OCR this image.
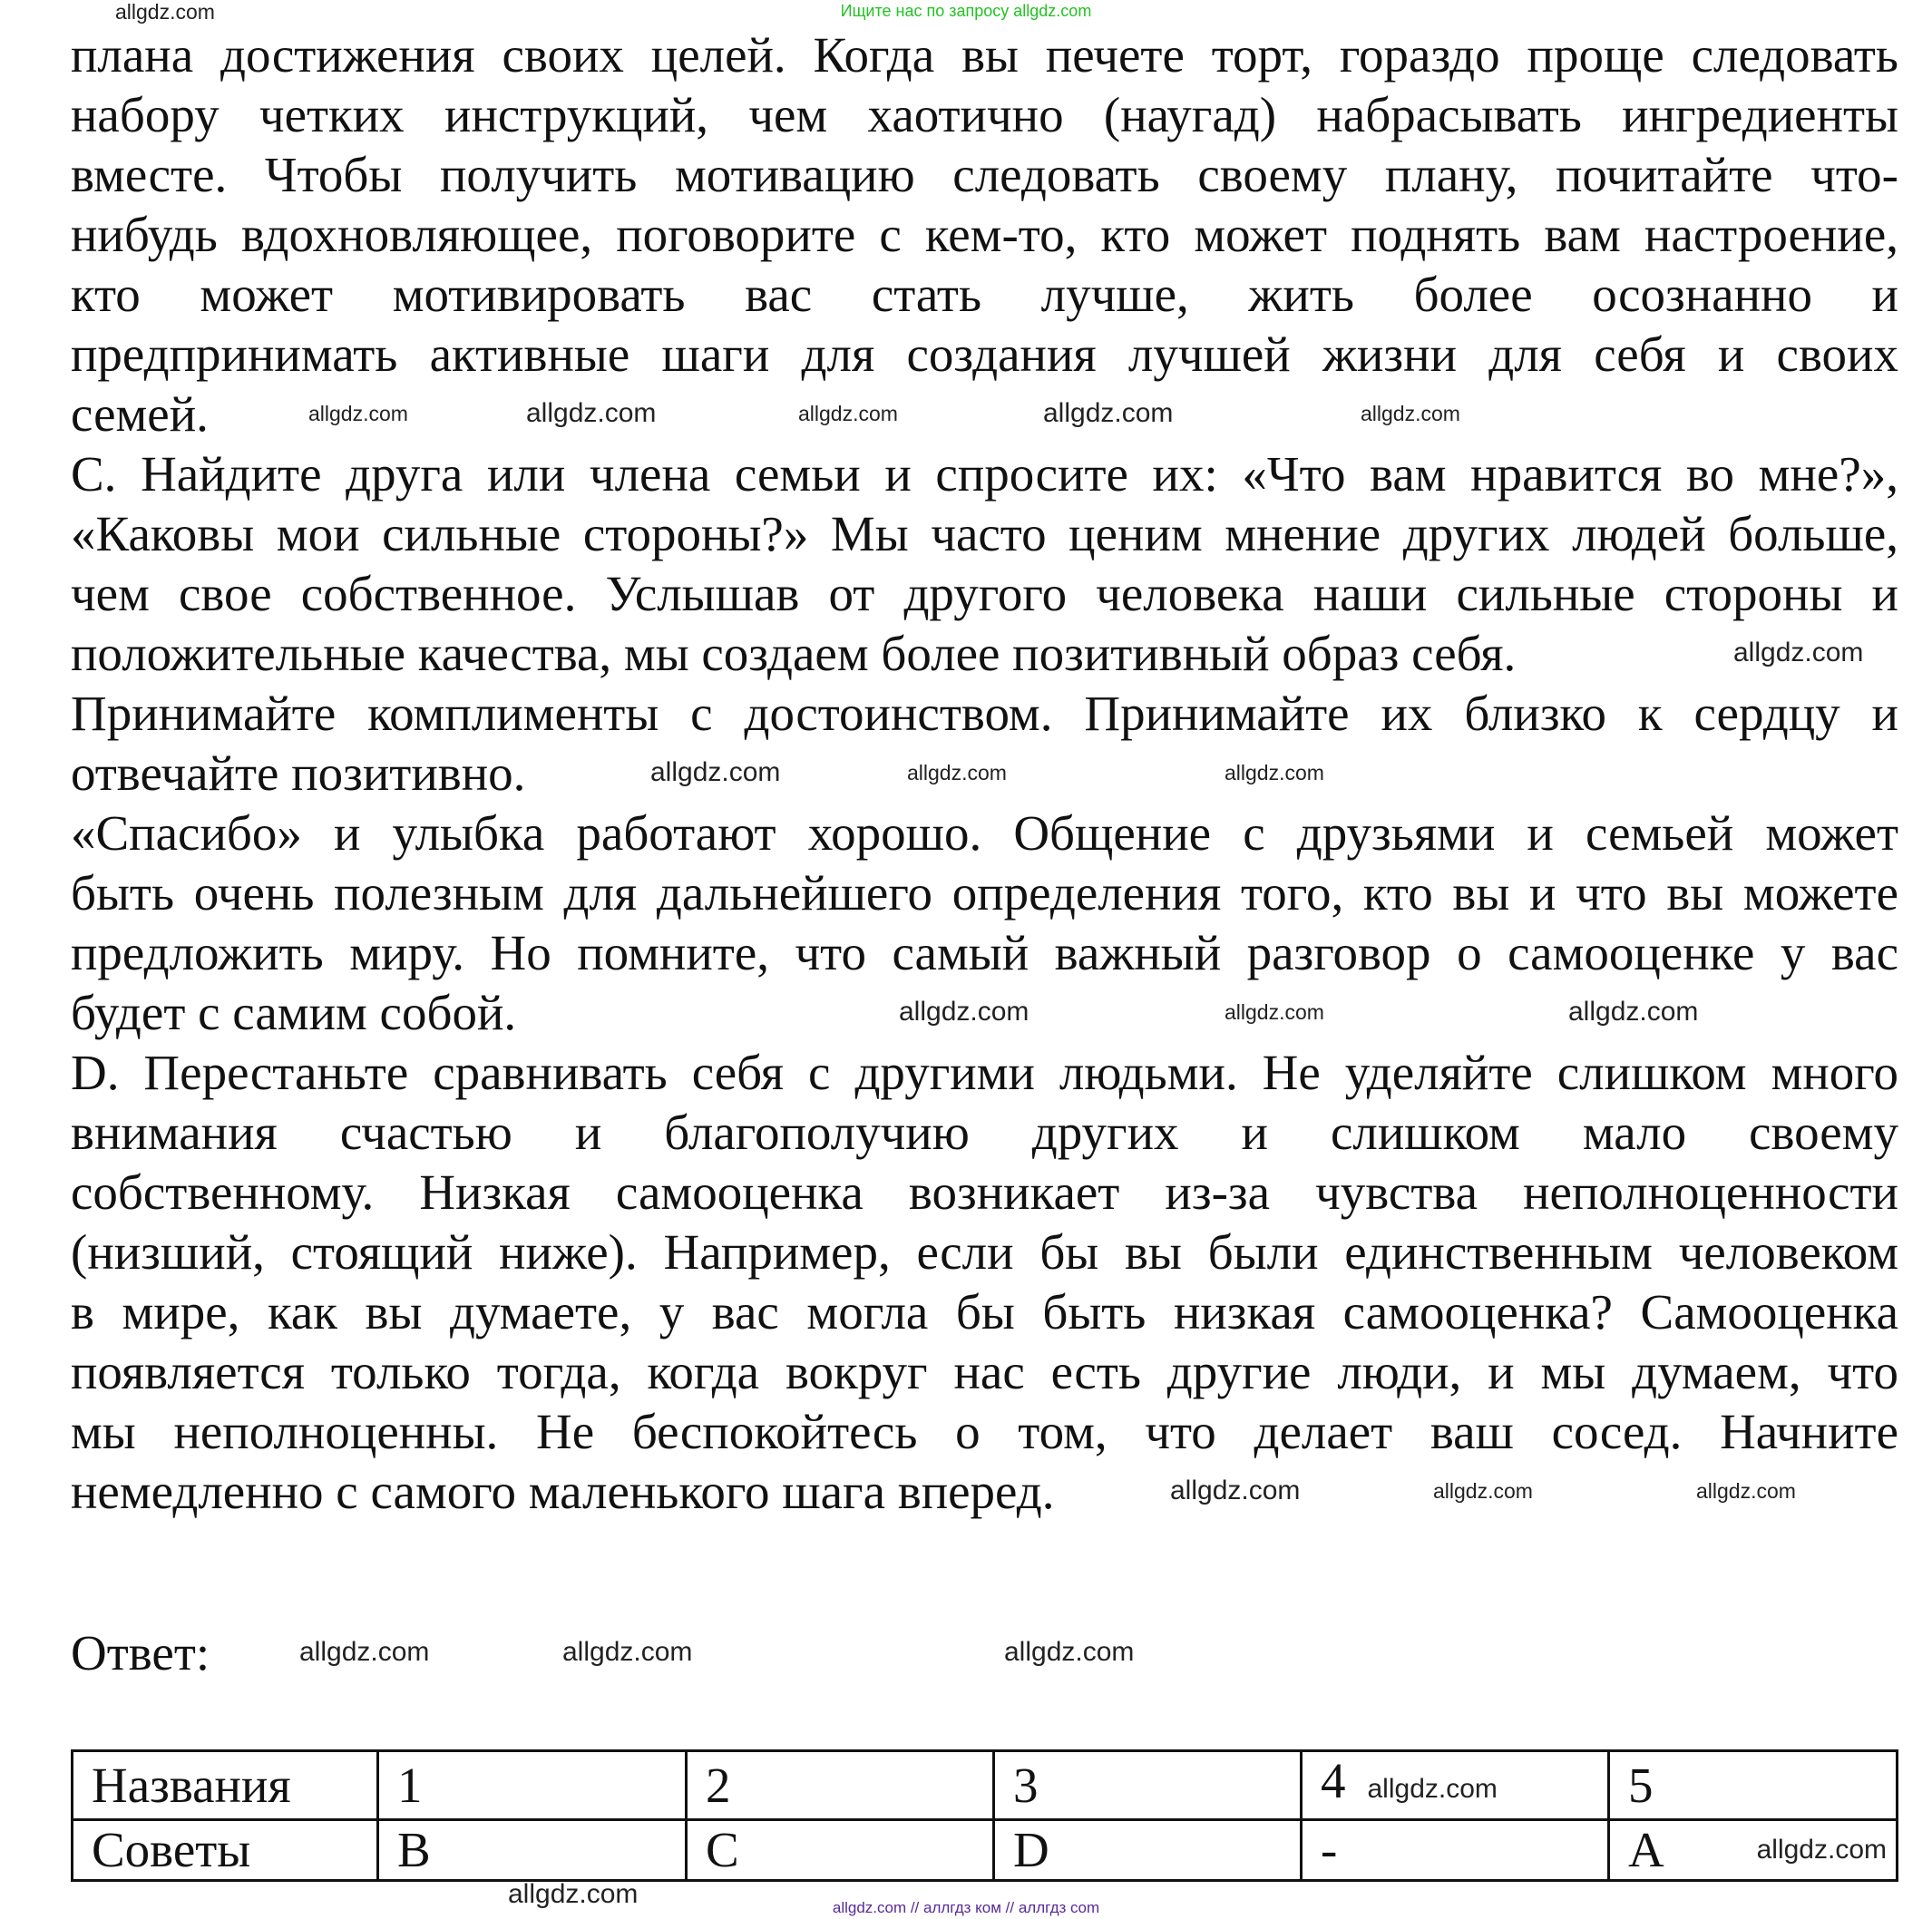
Ищите нас по запросу allgdz.com
плана достижения своих целей. Когда вы печете торт, гораздо проще следовать
набору четких инструкций, чем хаотично (наугад) набрасывать ингредиенты
вместе. Чтобы получить мотивацию следовать своему плану, почитайте что-
нибудь вдохновляющее, поговорите с кем-то, кто может поднять вам настроение,
кто может мотивировать вас стать лучше, жить более осознанно и
предпринимать активные шаги для создания лучшей жизни для себя и своих
семей.
C. Найдите друга или члена семьи и спросите их: «Что вам нравится во мне?»,
«Каковы мои сильные стороны?» Мы часто ценим мнение других людей больше,
чем свое собственное. Услышав от другого человека наши сильные стороны и
положительные качества, мы создаем более позитивный образ себя.
Принимайте комплименты с достоинством. Принимайте их близко к сердцу и
отвечайте позитивно.
«Спасибо» и улыбка работают хорошо. Общение с друзьями и семьей может
быть очень полезным для дальнейшего определения того, кто вы и что вы можете
предложить миру. Но помните, что самый важный разговор о самооценке у вас
будет с самим собой.
D. Перестаньте сравнивать себя с другими людьми. Не уделяйте слишком много
внимания счастью и благополучию других и слишком мало своему
собственному. Низкая самооценка возникает из-за чувства неполноценности
(низший, стоящий ниже). Например, если бы вы были единственным человеком
в мире, как вы думаете, у вас могла бы быть низкая самооценка? Самооценка
появляется только тогда, когда вокруг нас есть другие люди, и мы думаем, что
мы неполноценны. Не беспокойтесь о том, что делает ваш сосед. Начните
немедленно с самого маленького шага вперед.
Ответ:
Названия	1	2	3	4 allgdz.com	5
Советы	B	C	D	-	A allgdz.com
allgdz.com
allgdz.com	allgdz.com	allgdz.com	allgdz.com	allgdz.com
allgdz.com
allgdz.com	allgdz.com	allgdz.com
allgdz.com	allgdz.com	allgdz.com
allgdz.com	allgdz.com	allgdz.com
allgdz.com	allgdz.com	allgdz.com
allgdz.com	allgdz.com // аллгдз ком // аллгдз com
